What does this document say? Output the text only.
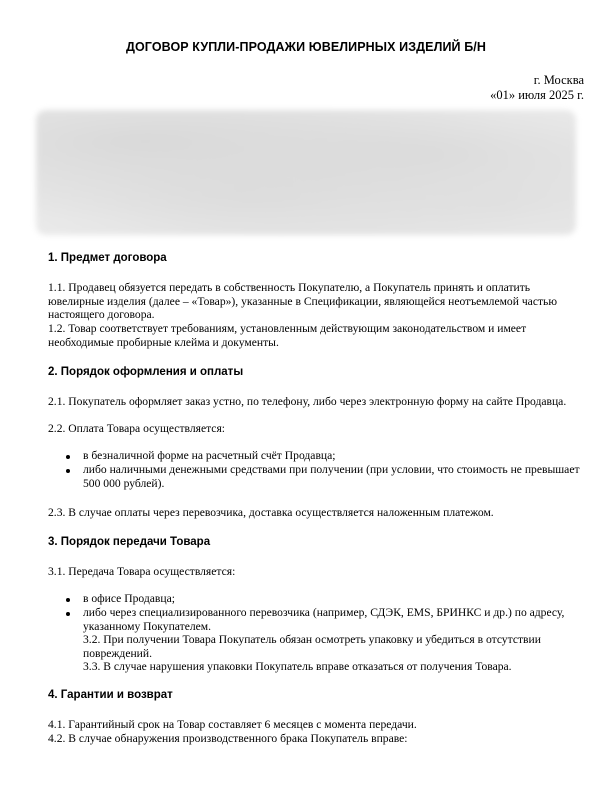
ДОГОВОР КУПЛИ-ПРОДАЖИ ЮВЕЛИРНЫХ ИЗДЕЛИЙ Б/Н
г. Москва
«01» июля 2025 г.
1. Предмет договора
1.1. Продавец обязуется передать в собственность Покупателю, а Покупатель принять и оплатить ювелирные изделия (далее – «Товар»), указанные в Спецификации, являющейся неотъемлемой частью настоящего договора.
1.2. Товар соответствует требованиям, установленным действующим законодательством и имеет необходимые пробирные клейма и документы.
2. Порядок оформления и оплаты
2.1. Покупатель оформляет заказ устно, по телефону, либо через электронную форму на сайте Продавца.
2.2. Оплата Товара осуществляется:
в безналичной форме на расчетный счёт Продавца;
либо наличными денежными средствами при получении (при условии, что стоимость не превышает 500 000 рублей).
2.3. В случае оплаты через перевозчика, доставка осуществляется наложенным платежом.
3. Порядок передачи Товара
3.1. Передача Товара осуществляется:
в офисе Продавца;
либо через специализированного перевозчика (например, СДЭК, EMS, БРИНКС и др.) по адресу, указанному Покупателем.
3.2. При получении Товара Покупатель обязан осмотреть упаковку и убедиться в отсутствии повреждений.
3.3. В случае нарушения упаковки Покупатель вправе отказаться от получения Товара.
4. Гарантии и возврат
4.1. Гарантийный срок на Товар составляет 6 месяцев с момента передачи.
4.2. В случае обнаружения производственного брака Покупатель вправе:
